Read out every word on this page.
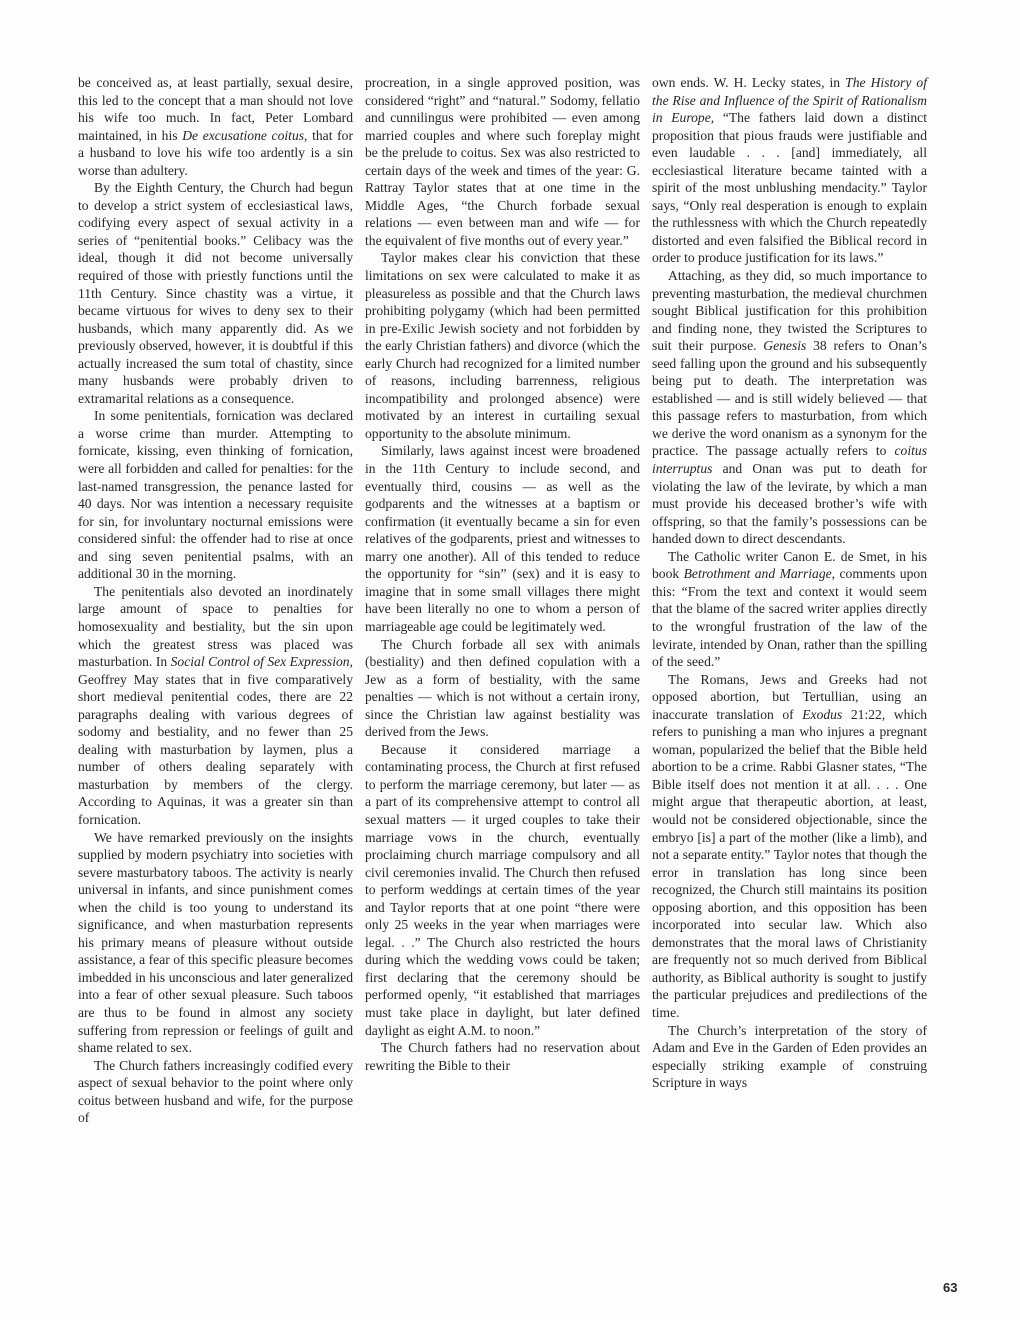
be conceived as, at least partially, sexual desire, this led to the concept that a man should not love his wife too much. In fact, Peter Lombard maintained, in his De excusatione coitus, that for a husband to love his wife too ardently is a sin worse than adultery.

By the Eighth Century, the Church had begun to develop a strict system of ecclesiastical laws, codifying every aspect of sexual activity in a series of “penitential books.” Celibacy was the ideal, though it did not become universally required of those with priestly functions until the 11th Century. Since chastity was a virtue, it became virtuous for wives to deny sex to their husbands, which many apparently did. As we previously observed, however, it is doubtful if this actually increased the sum total of chastity, since many husbands were probably driven to extramarital relations as a consequence.

In some penitentials, fornication was declared a worse crime than murder. Attempting to fornicate, kissing, even thinking of fornication, were all forbidden and called for penalties: for the last-named transgression, the penance lasted for 40 days. Nor was intention a necessary requisite for sin, for involuntary nocturnal emissions were considered sinful: the offender had to rise at once and sing seven penitential psalms, with an additional 30 in the morning.

The penitentials also devoted an inordinately large amount of space to penalties for homosexuality and bestiality, but the sin upon which the greatest stress was placed was masturbation. In Social Control of Sex Expression, Geoffrey May states that in five comparatively short medieval penitential codes, there are 22 paragraphs dealing with various degrees of sodomy and bestiality, and no fewer than 25 dealing with masturbation by laymen, plus a number of others dealing separately with masturbation by members of the clergy. According to Aquinas, it was a greater sin than fornication.

We have remarked previously on the insights supplied by modern psychiatry into societies with severe masturbatory taboos. The activity is nearly universal in infants, and since punishment comes when the child is too young to understand its significance, and when masturbation represents his primary means of pleasure without outside assistance, a fear of this specific pleasure becomes imbedded in his unconscious and later generalized into a fear of other sexual pleasure. Such taboos are thus to be found in almost any society suffering from repression or feelings of guilt and shame related to sex.

The Church fathers increasingly codified every aspect of sexual behavior to the point where only coitus between husband and wife, for the purpose of

procreation, in a single approved position, was considered “right” and “natural.” Sodomy, fellatio and cunnilingus were prohibited — even among married couples and where such foreplay might be the prelude to coitus. Sex was also restricted to certain days of the week and times of the year: G. Rattray Taylor states that at one time in the Middle Ages, “the Church forbade sexual relations — even between man and wife — for the equivalent of five months out of every year.”

Taylor makes clear his conviction that these limitations on sex were calculated to make it as pleasureless as possible and that the Church laws prohibiting polygamy (which had been permitted in pre-Exilic Jewish society and not forbidden by the early Christian fathers) and divorce (which the early Church had recognized for a limited number of reasons, including barrenness, religious incompatibility and prolonged absence) were motivated by an interest in curtailing sexual opportunity to the absolute minimum.

Similarly, laws against incest were broadened in the 11th Century to include second, and eventually third, cousins — as well as the godparents and the witnesses at a baptism or confirmation (it eventually became a sin for even relatives of the godparents, priest and witnesses to marry one another). All of this tended to reduce the opportunity for “sin” (sex) and it is easy to imagine that in some small villages there might have been literally no one to whom a person of marriageable age could be legitimately wed.

The Church forbade all sex with animals (bestiality) and then defined copulation with a Jew as a form of bestiality, with the same penalties — which is not without a certain irony, since the Christian law against bestiality was derived from the Jews.

Because it considered marriage a contaminating process, the Church at first refused to perform the marriage ceremony, but later — as a part of its comprehensive attempt to control all sexual matters — it urged couples to take their marriage vows in the church, eventually proclaiming church marriage compulsory and all civil ceremonies invalid. The Church then refused to perform weddings at certain times of the year and Taylor reports that at one point “there were only 25 weeks in the year when marriages were legal. . .” The Church also restricted the hours during which the wedding vows could be taken; first declaring that the ceremony should be performed openly, “it established that marriages must take place in daylight, but later defined daylight as eight A.M. to noon.”

The Church fathers had no reservation about rewriting the Bible to their

own ends. W. H. Lecky states, in The History of the Rise and Influence of the Spirit of Rationalism in Europe, “The fathers laid down a distinct proposition that pious frauds were justifiable and even laudable . . . [and] immediately, all ecclesiastical literature became tainted with a spirit of the most unblushing mendacity.” Taylor says, “Only real desperation is enough to explain the ruthlessness with which the Church repeatedly distorted and even falsified the Biblical record in order to produce justification for its laws.”

Attaching, as they did, so much importance to preventing masturbation, the medieval churchmen sought Biblical justification for this prohibition and finding none, they twisted the Scriptures to suit their purpose. Genesis 38 refers to Onan’s seed falling upon the ground and his subsequently being put to death. The interpretation was established — and is still widely believed — that this passage refers to masturbation, from which we derive the word onanism as a synonym for the practice. The passage actually refers to coitus interruptus and Onan was put to death for violating the law of the levirate, by which a man must provide his deceased brother’s wife with offspring, so that the family’s possessions can be handed down to direct descendants.

The Catholic writer Canon E. de Smet, in his book Betrothment and Marriage, comments upon this: “From the text and context it would seem that the blame of the sacred writer applies directly to the wrongful frustration of the law of the levirate, intended by Onan, rather than the spilling of the seed.”

The Romans, Jews and Greeks had not opposed abortion, but Tertullian, using an inaccurate translation of Exodus 21:22, which refers to punishing a man who injures a pregnant woman, popularized the belief that the Bible held abortion to be a crime. Rabbi Glasner states, “The Bible itself does not mention it at all. . . . One might argue that therapeutic abortion, at least, would not be considered objectionable, since the embryo [is] a part of the mother (like a limb), and not a separate entity.” Taylor notes that though the error in translation has long since been recognized, the Church still maintains its position opposing abortion, and this opposition has been incorporated into secular law. Which also demonstrates that the moral laws of Christianity are frequently not so much derived from Biblical authority, as Biblical authority is sought to justify the particular prejudices and predilections of the time.

The Church’s interpretation of the story of Adam and Eve in the Garden of Eden provides an especially striking example of construing Scripture in ways

63
